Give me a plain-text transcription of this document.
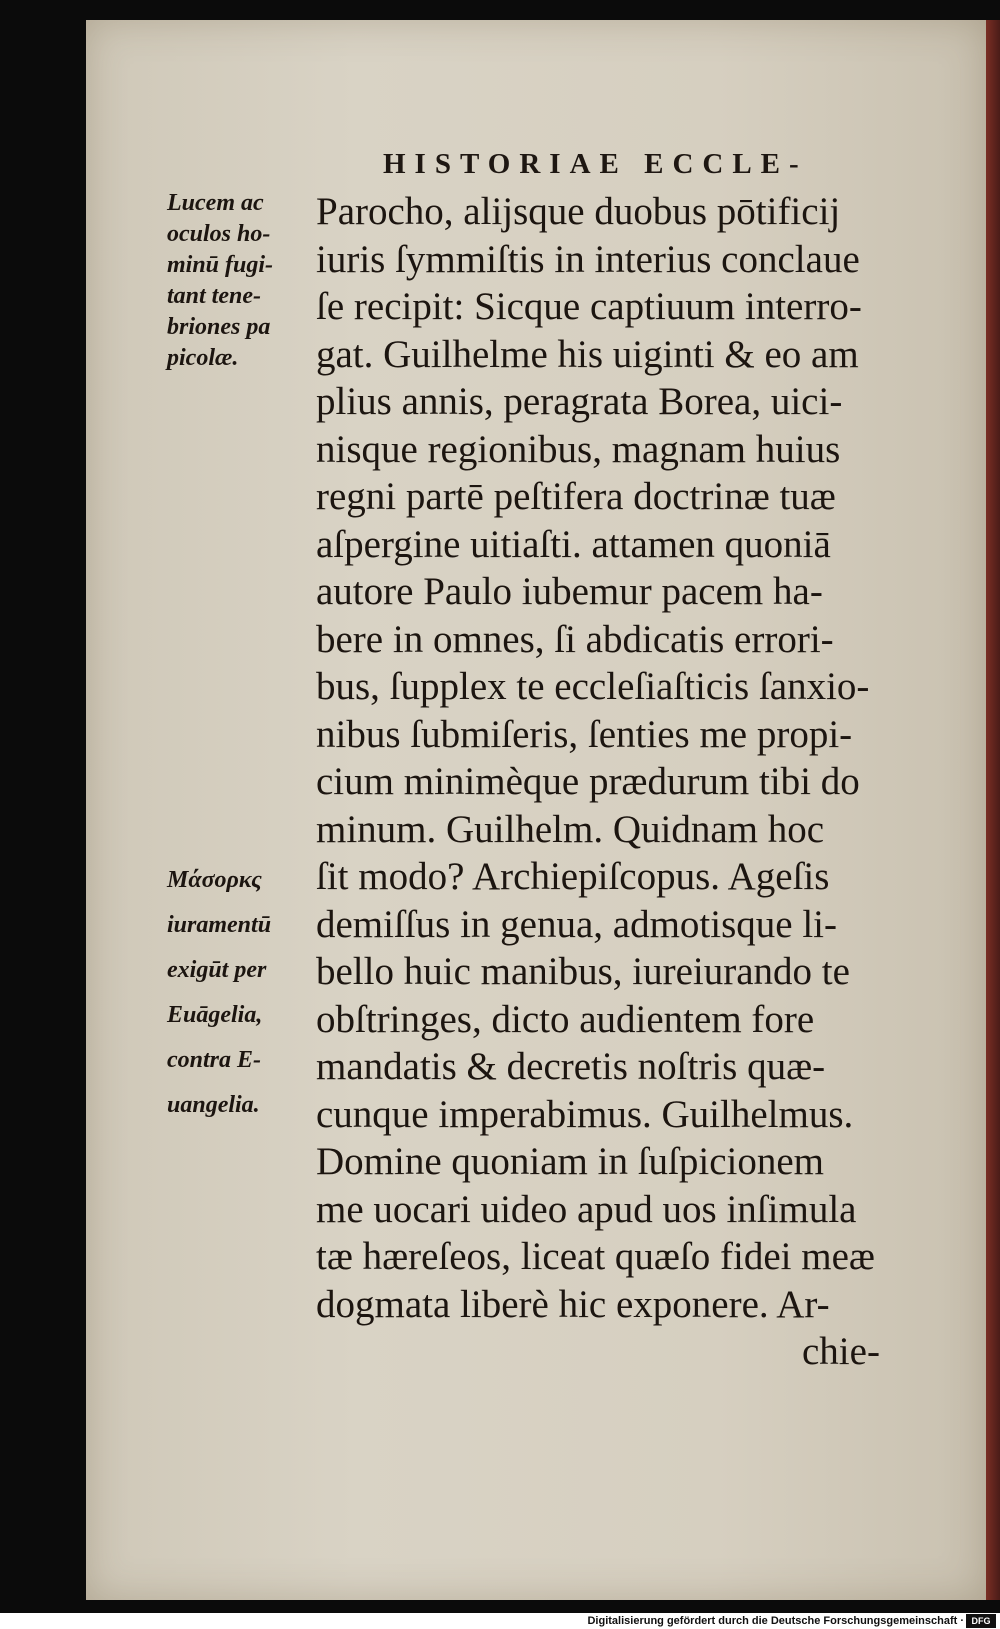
HISTORIAE ECCLE-
Parocho, alijsque duobus pōtificij
iuris ſymmiſtis in interius conclaue
ſe recipit: Sicque captiuum interro-
gat. Guilhelme his uiginti & eo am
plius annis, peragrata Borea, uici-
nisque regionibus, magnam huius
regni partē peſtifera doctrinæ tuæ
aſpergine uitiaſti. attamen quoniā
autore Paulo iubemur pacem ha-
bere in omnes, ſi abdicatis errori-
bus, ſupplex te eccleſiaſticis ſanxio-
nibus ſubmiſeris, ſenties me propi-
cium minimèque prædurum tibi do
minum. Guilhelm. Quidnam hoc
ſit modo? Archiepiſcopus. Ageſis
demiſſus in genua, admotisque li-
bello huic manibus, iureiurando te
obſtringes, dicto audientem fore
mandatis & decretis noſtris quæ-
cunque imperabimus. Guilhelmus.
Domine quoniam in ſuſpicionem
me uocari uideo apud uos inſimula
tæ hæreſeos, liceat quæſo fidei meæ
dogmata liberè hic exponere. Ar-
chie-
Lucem ac
oculos ho-
minū fugi-
tant tene-
briones pa
picolæ.
Μάσορκς
iuramentū
exigūt per
Euāgelia,
contra E-
uangelia.
Digitalisierung gefördert durch die Deutsche Forschungsgemeinschaft · DFG
